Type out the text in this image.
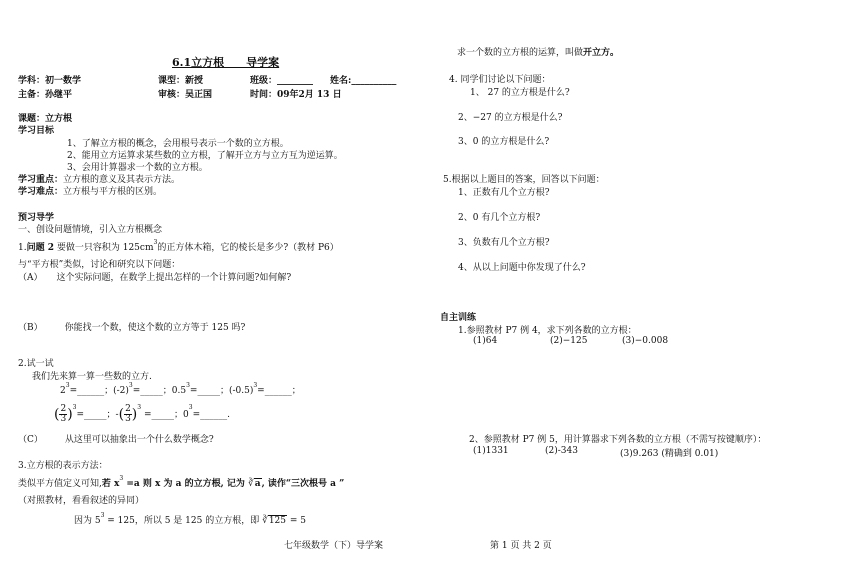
6.1立方根　　导学案
学科：初一数学	课型：新授	班级：________ 姓名:__________
主备：孙继平	审核：吴正国	时间：09年2月 13 日
课题：立方根
学习目标
1、了解立方根的概念，会用根号表示一个数的立方根。
2、能用立方运算求某些数的立方根，了解开立方与立方互为逆运算。
3、会用计算器求一个数的立方根。
学习重点：立方根的意义及其表示方法。
学习难点：立方根与平方根的区别。
预习导学
一、创设问题情境，引入立方根概念
1.问题 2 要做一只容积为 $125cm^3$的正方体木箱，它的棱长是多少?（教材 P6）
与“平方根”类似，讨论和研究以下问题：
（A） 这个实际问题，在数学上提出怎样的一个计算问题?如何解?
（B） 你能找一个数，使这个数的立方等于 125 吗?
2.试一试
我们先来算一算一些数的立方.
$2^3=\_\_\_\_\_\_$；$(-2)^3=\_\_\_\_\_$；$0.5^3=\_\_\_\_\_$；$(-0.5)^3=\_\_\_\_\_\_$；
( $\frac{2}{3}$ )$^3$=_____；-( $\frac{2}{3} )^3$ =_____；$0^3=\_\_\_\_\_\_$.
（C） 从这里可以抽象出一个什么数学概念?
3.立方根的表示方法：
类似平方值定义可知,若 $x^3 =a$ 则 x 为 a 的立方根, 记为 ∛a, 读作“三次根号 a ”
（对照教材，看看叙述的异同）
因为 $5^3 = 125$，所以 5 是 125 的立方根，即 ∛125 = 5
求一个数的立方根的运算，叫做开立方。
4. 同学们讨论以下问题：
1、 27 的立方根是什么?
2、−27 的立方根是什么?
3、0 的立方根是什么?
5.根据以上题目的答案，回答以下问题：
1、正数有几个立方根?
2、0 有几个立方根?
3、负数有几个立方根?
4、从以上问题中你发现了什么?
自主训练
1.参照教材 P7 例 4，求下列各数的立方根：
(1)64	(2)−125	(3)−0.008
2、参照教材 P7 例 5，用计算器求下列各数的立方根（不需写按键顺序）：
(1)1331	(2)-343	(3)9.263 (精确到 0.01)
七年级数学（下）导学案	第 1 页 共 2 页
